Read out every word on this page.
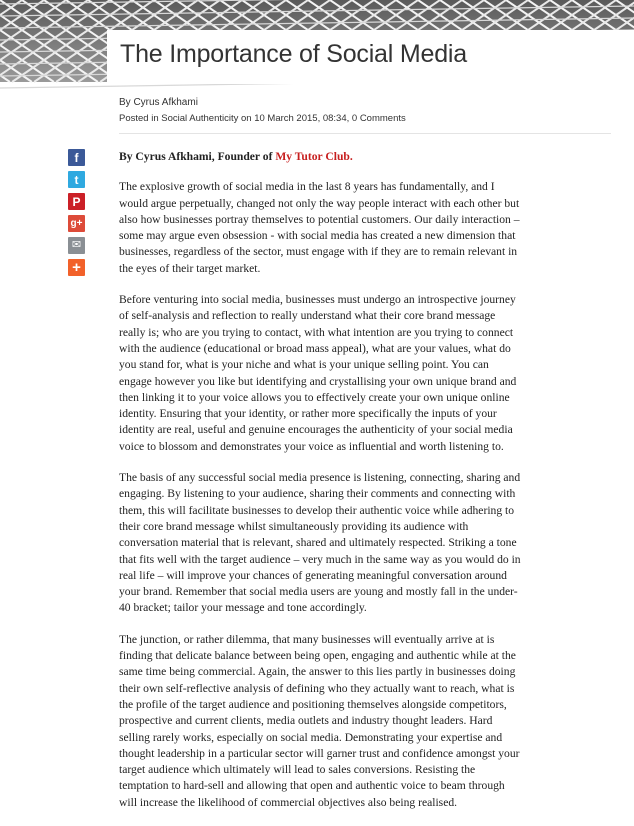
The Importance of Social Media
By Cyrus Afkhami
Posted in Social Authenticity on 10 March 2015, 08:34, 0 Comments
f
t
P
g+
✉
+

By Cyrus Afkhami, Founder of My Tutor Club.

The explosive growth of social media in the last 8 years has fundamentally, and I would argue perpetually, changed not only the way people interact with each other but also how businesses portray themselves to potential customers. Our daily interaction – some may argue even obsession - with social media has created a new dimension that businesses, regardless of the sector, must engage with if they are to remain relevant in the eyes of their target market.

Before venturing into social media, businesses must undergo an introspective journey of self-analysis and reflection to really understand what their core brand message really is; who are you trying to contact, with what intention are you trying to connect with the audience (educational or broad mass appeal), what are your values, what do you stand for, what is your niche and what is your unique selling point. You can engage however you like but identifying and crystallising your own unique brand and then linking it to your voice allows you to effectively create your own unique online identity. Ensuring that your identity, or rather more specifically the inputs of your identity are real, useful and genuine encourages the authenticity of your social media voice to blossom and demonstrates your voice as influential and worth listening to.

The basis of any successful social media presence is listening, connecting, sharing and engaging. By listening to your audience, sharing their comments and connecting with them, this will facilitate businesses to develop their authentic voice while adhering to their core brand message whilst simultaneously providing its audience with conversation material that is relevant, shared and ultimately respected. Striking a tone that fits well with the target audience – very much in the same way as you would do in real life – will improve your chances of generating meaningful conversation around your brand. Remember that social media users are young and mostly fall in the under-40 bracket; tailor your message and tone accordingly.

The junction, or rather dilemma, that many businesses will eventually arrive at is finding that delicate balance between being open, engaging and authentic while at the same time being commercial. Again, the answer to this lies partly in businesses doing their own self-reflective analysis of defining who they actually want to reach, what is the profile of the target audience and positioning themselves alongside competitors, prospective and current clients, media outlets and industry thought leaders. Hard selling rarely works, especially on social media. Demonstrating your expertise and thought leadership in a particular sector will garner trust and confidence amongst your target audience which ultimately will lead to sales conversions. Resisting the temptation to hard-sell and allowing that open and authentic voice to beam through will increase the likelihood of commercial objectives also being realised.
